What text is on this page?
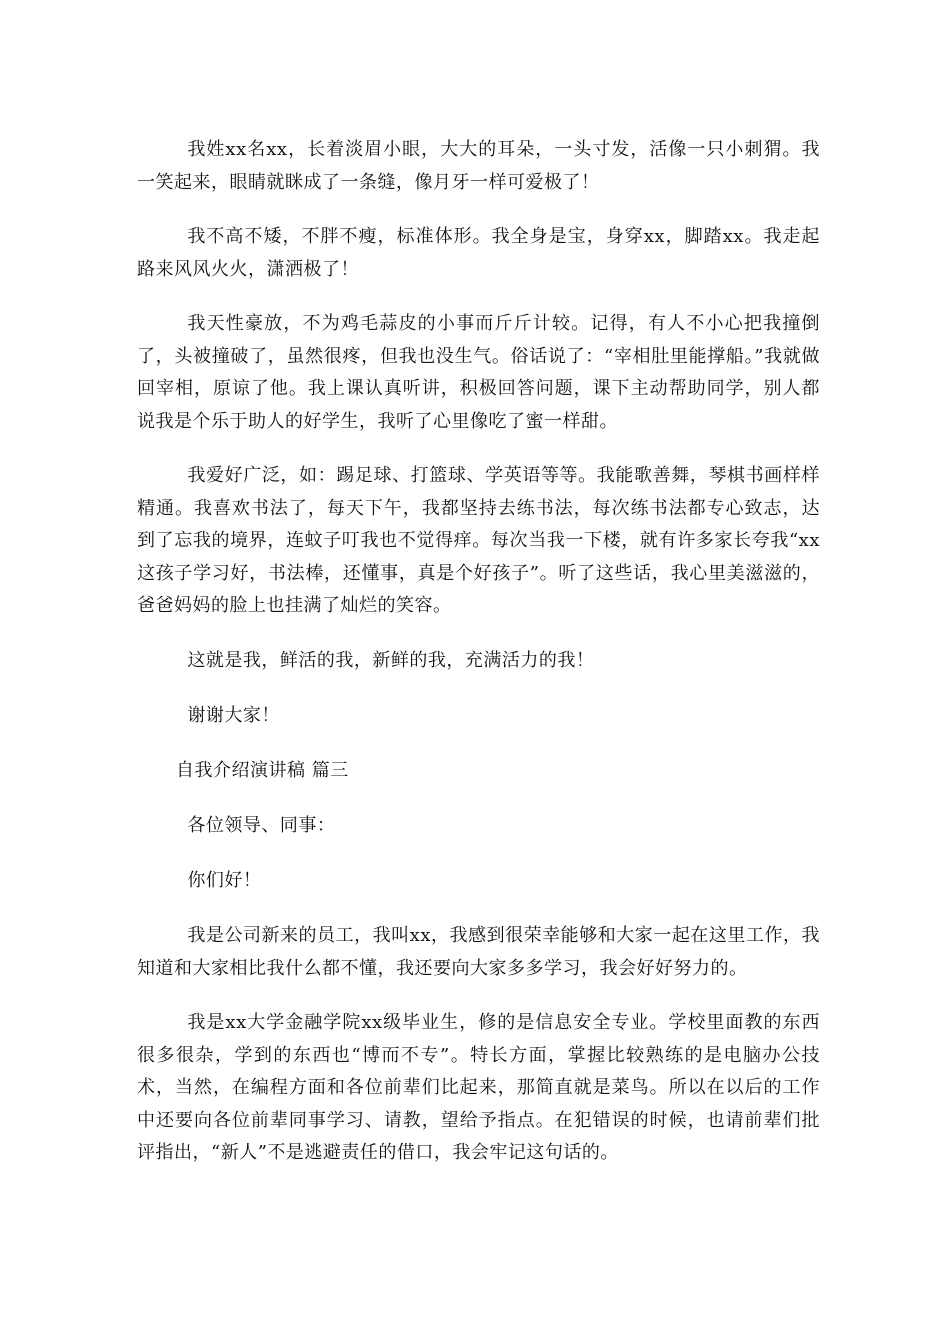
我姓xx名xx，长着淡眉小眼，大大的耳朵，一头寸发，活像一只小刺猬。我一笑起来，眼睛就眯成了一条缝，像月牙一样可爱极了！

我不高不矮，不胖不瘦，标准体形。我全身是宝，身穿xx，脚踏xx。我走起路来风风火火，潇洒极了！

我天性豪放，不为鸡毛蒜皮的小事而斤斤计较。记得，有人不小心把我撞倒了，头被撞破了，虽然很疼，但我也没生气。俗话说了：“宰相肚里能撑船。”我就做回宰相，原谅了他。我上课认真听讲，积极回答问题，课下主动帮助同学，别人都说我是个乐于助人的好学生，我听了心里像吃了蜜一样甜。

我爱好广泛，如：踢足球、打篮球、学英语等等。我能歌善舞，琴棋书画样样精通。我喜欢书法了，每天下午，我都坚持去练书法，每次练书法都专心致志，达到了忘我的境界，连蚊子叮我也不觉得痒。每次当我一下楼，就有许多家长夸我“xx这孩子学习好，书法棒，还懂事，真是个好孩子”。听了这些话，我心里美滋滋的，爸爸妈妈的脸上也挂满了灿烂的笑容。

这就是我，鲜活的我，新鲜的我，充满活力的我！

谢谢大家！

自我介绍演讲稿 篇三

各位领导、同事：

你们好！

我是公司新来的员工，我叫xx，我感到很荣幸能够和大家一起在这里工作，我知道和大家相比我什么都不懂，我还要向大家多多学习，我会好好努力的。

我是xx大学金融学院xx级毕业生，修的是信息安全专业。学校里面教的东西很多很杂，学到的东西也“博而不专”。特长方面，掌握比较熟练的是电脑办公技术，当然，在编程方面和各位前辈们比起来，那简直就是菜鸟。所以在以后的工作中还要向各位前辈同事学习、请教，望给予指点。在犯错误的时候，也请前辈们批评指出，“新人”不是逃避责任的借口，我会牢记这句话的。
